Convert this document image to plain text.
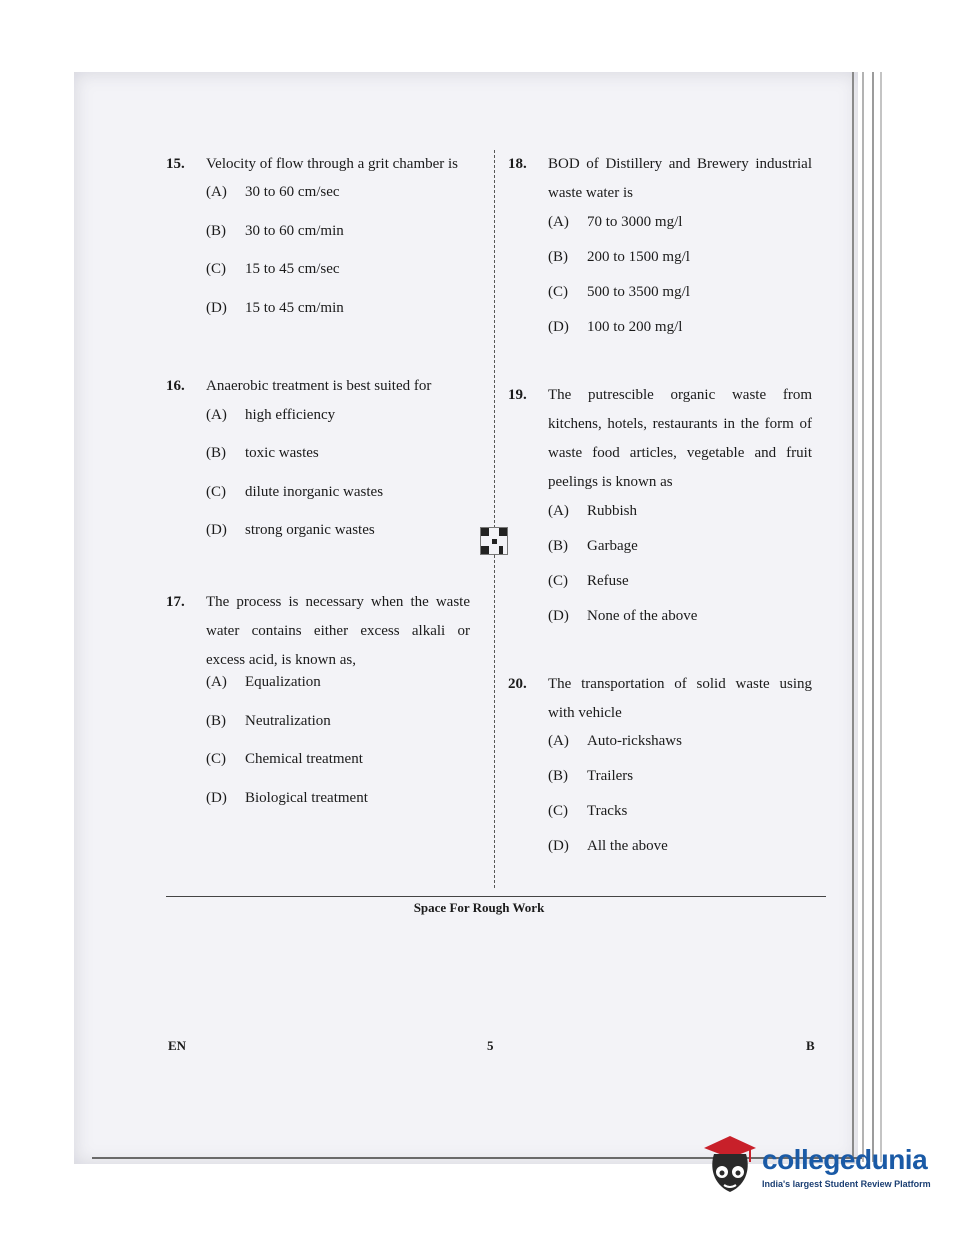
15. Velocity of flow through a grit chamber is
(A)	30 to 60 cm/sec
(B)	30 to 60 cm/min
(C)	15 to 45 cm/sec
(D)	15 to 45 cm/min
16. Anaerobic treatment is best suited for
(A)	high efficiency
(B)	toxic wastes
(C)	dilute inorganic wastes
(D)	strong organic wastes
17. The process is necessary when the waste water contains either excess alkali or excess acid, is known as,
(A)	Equalization
(B)	Neutralization
(C)	Chemical treatment
(D)	Biological treatment
18. BOD of Distillery and Brewery industrial waste water is
(A)	70 to 3000 mg/l
(B)	200 to 1500 mg/l
(C)	500 to 3500 mg/l
(D)	100 to 200 mg/l
19. The putrescible organic waste from kitchens, hotels, restaurants in the form of waste food articles, vegetable and fruit peelings is known as
(A)	Rubbish
(B)	Garbage
(C)	Refuse
(D)	None of the above
20. The transportation of solid waste using with vehicle
(A)	Auto-rickshaws
(B)	Trailers
(C)	Tracks
(D)	All the above
Space For Rough Work
EN	5	B
collegedunia
India's largest Student Review Platform
